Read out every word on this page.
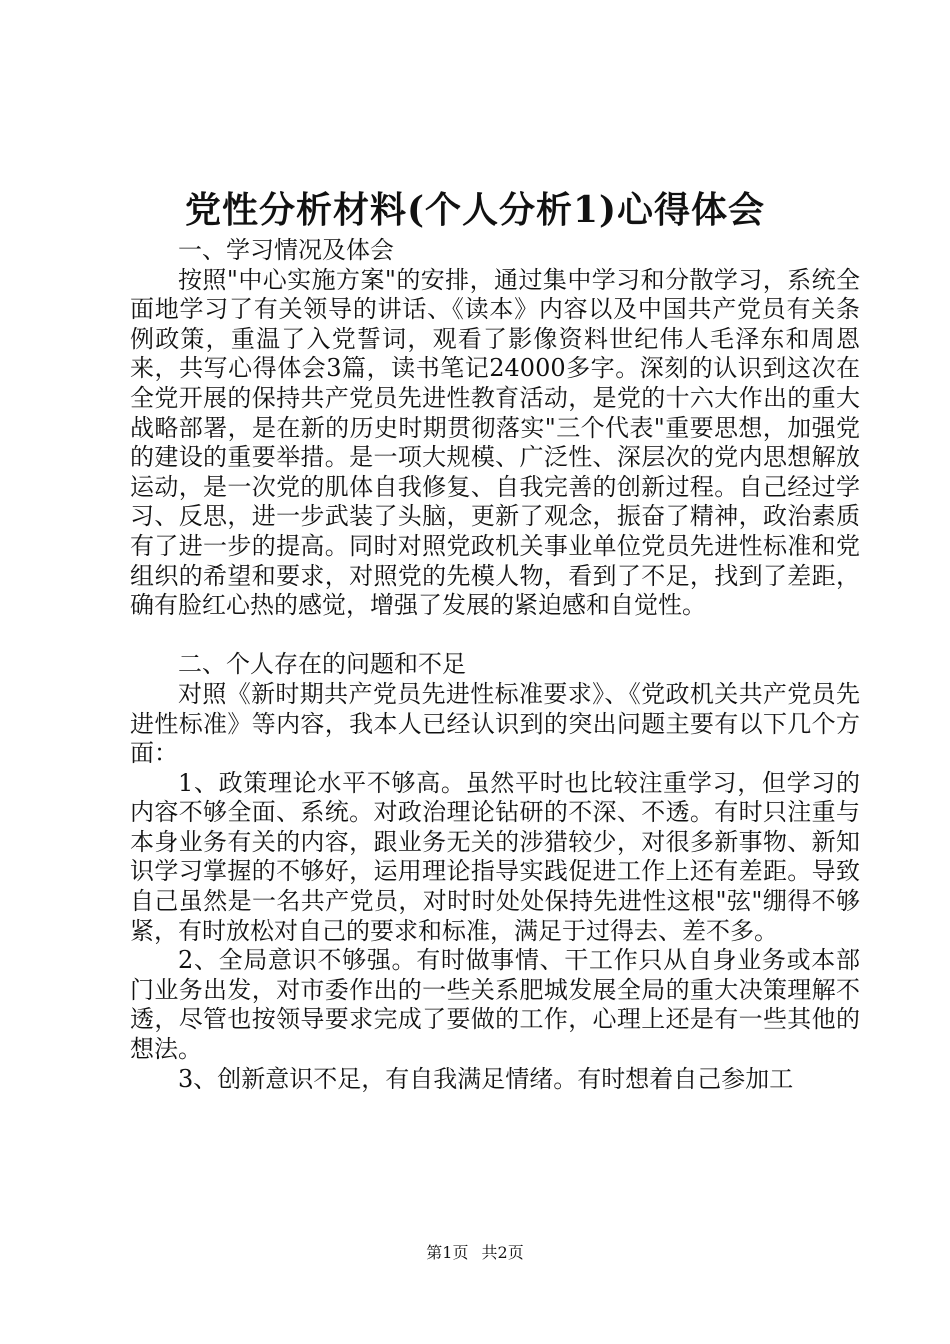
党性分析材料(个人分析1)心得体会

一、学习情况及体会

按照"中心实施方案"的安排，通过集中学习和分散学习，系统全面地学习了有关领导的讲话、《读本》内容以及中国共产党员有关条例政策，重温了入党誓词，观看了影像资料世纪伟人毛泽东和周恩来，共写心得体会3篇，读书笔记24000多字。深刻的认识到这次在全党开展的保持共产党员先进性教育活动，是党的十六大作出的重大战略部署，是在新的历史时期贯彻落实"三个代表"重要思想，加强党的建设的重要举措。是一项大规模、广泛性、深层次的党内思想解放运动，是一次党的肌体自我修复、自我完善的创新过程。自己经过学习、反思，进一步武装了头脑，更新了观念，振奋了精神，政治素质有了进一步的提高。同时对照党政机关事业单位党员先进性标准和党组织的希望和要求，对照党的先模人物，看到了不足，找到了差距，确有脸红心热的感觉，增强了发展的紧迫感和自觉性。

二、个人存在的问题和不足

对照《新时期共产党员先进性标准要求》、《党政机关共产党员先进性标准》等内容，我本人已经认识到的突出问题主要有以下几个方面：

1、政策理论水平不够高。虽然平时也比较注重学习，但学习的内容不够全面、系统。对政治理论钻研的不深、不透。有时只注重与本身业务有关的内容，跟业务无关的涉猎较少，对很多新事物、新知识学习掌握的不够好，运用理论指导实践促进工作上还有差距。导致自己虽然是一名共产党员，对时时处处保持先进性这根"弦"绷得不够紧，有时放松对自己的要求和标准，满足于过得去、差不多。

2、全局意识不够强。有时做事情、干工作只从自身业务或本部门业务出发，对市委作出的一些关系肥城发展全局的重大决策理解不透，尽管也按领导要求完成了要做的工作，心理上还是有一些其他的想法。

3、创新意识不足，有自我满足情绪。有时想着自己参加工

第1页 共2页
